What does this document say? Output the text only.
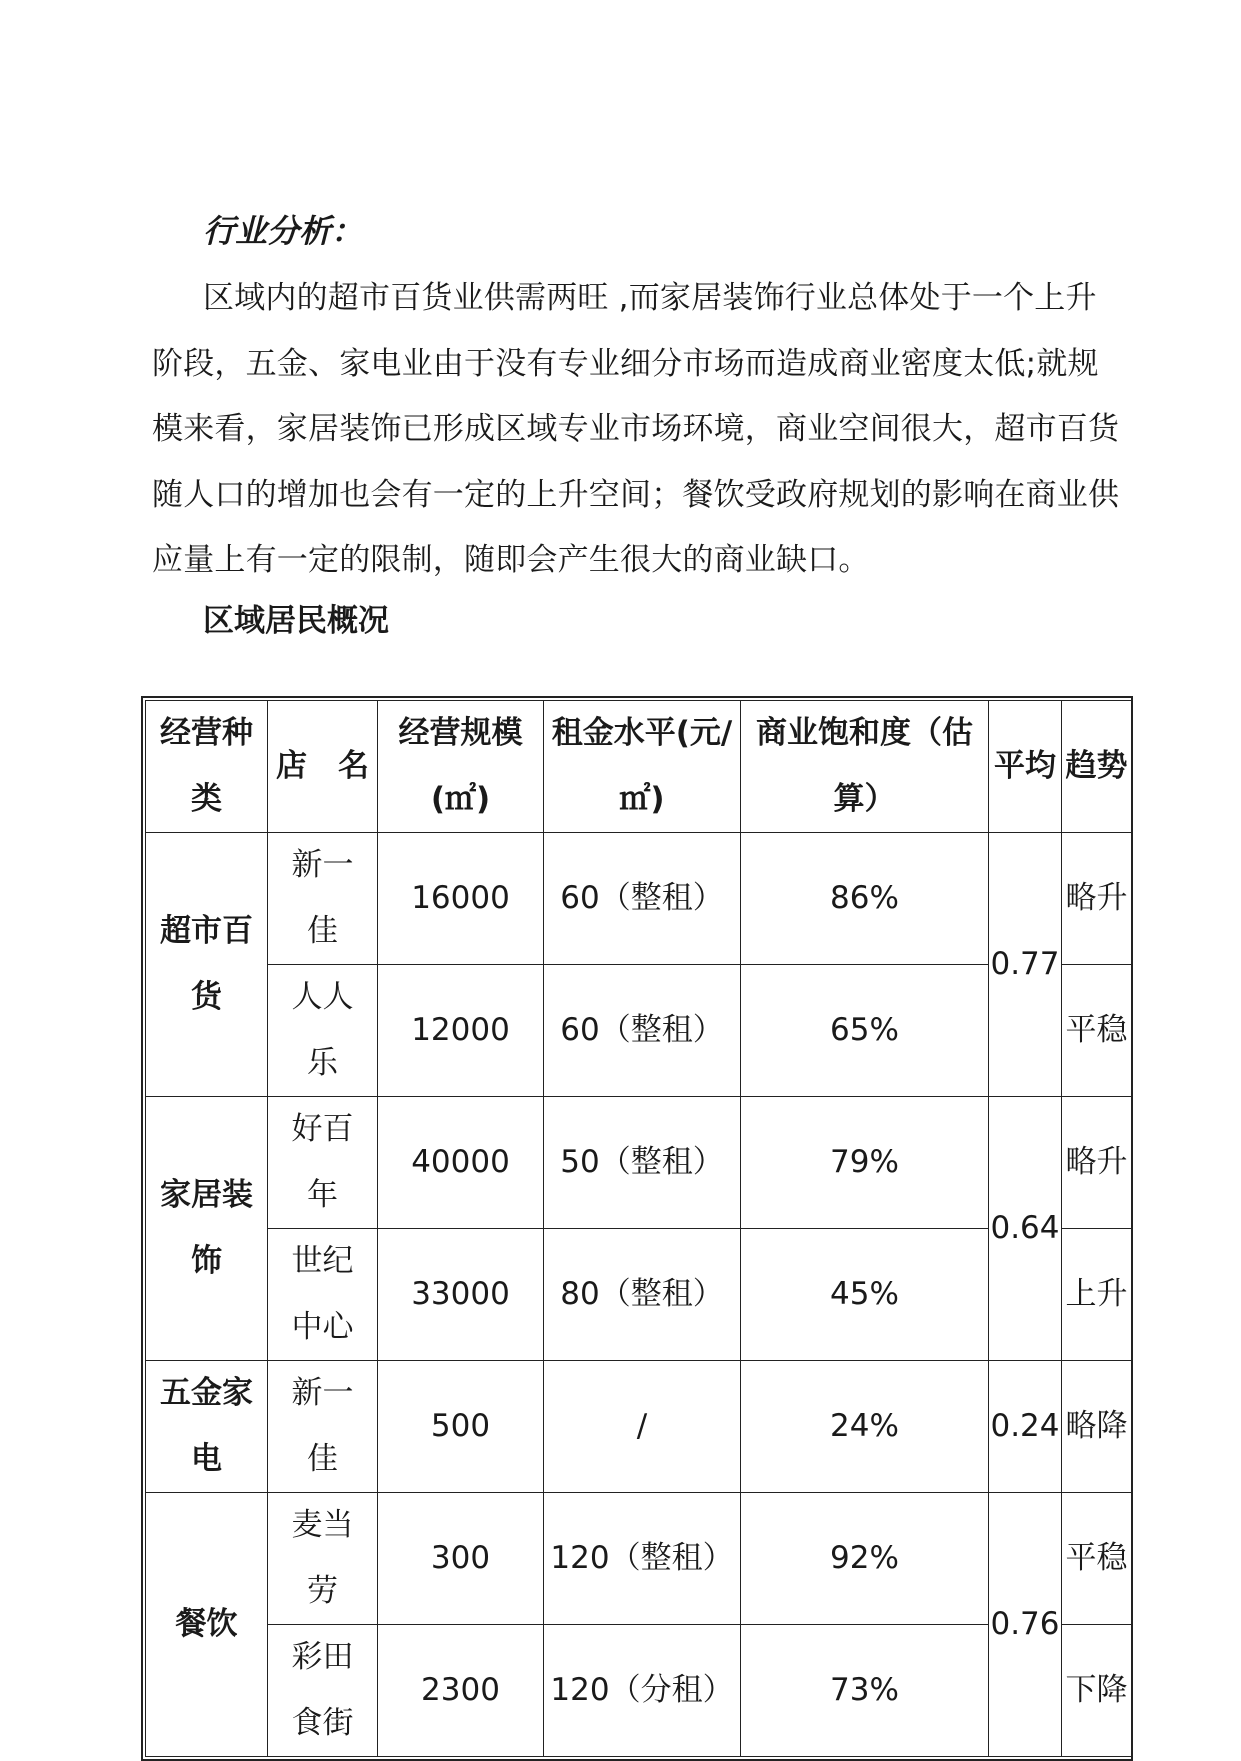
行业分析：
区域内的超市百货业供需两旺 ,而家居装饰行业总体处于一个上升阶段，五金、家电业由于没有专业细分市场而造成商业密度太低;就规模来看，家居装饰已形成区域专业市场环境，商业空间很大，超市百货随人口的增加也会有一定的上升空间；餐饮受政府规划的影响在商业供应量上有一定的限制，随即会产生很大的商业缺口。
区域居民概况
经营种类	店　名	经营规模(㎡)	租金水平(元/㎡)	商业饱和度（估算）	平均	趋势
超市百货	新一佳	16000	60（整租）	86%	0.77	略升
	人人乐	12000	60（整租）	65%		平稳
家居装饰	好百年	40000	50（整租）	79%	0.64	略升
	世纪中心	33000	80（整租）	45%		上升
五金家电	新一佳	500	/	24%	0.24	略降
餐饮	麦当劳	300	120（整租）	92%	0.76	平稳
	彩田食街	2300	120（分租）	73%		下降
